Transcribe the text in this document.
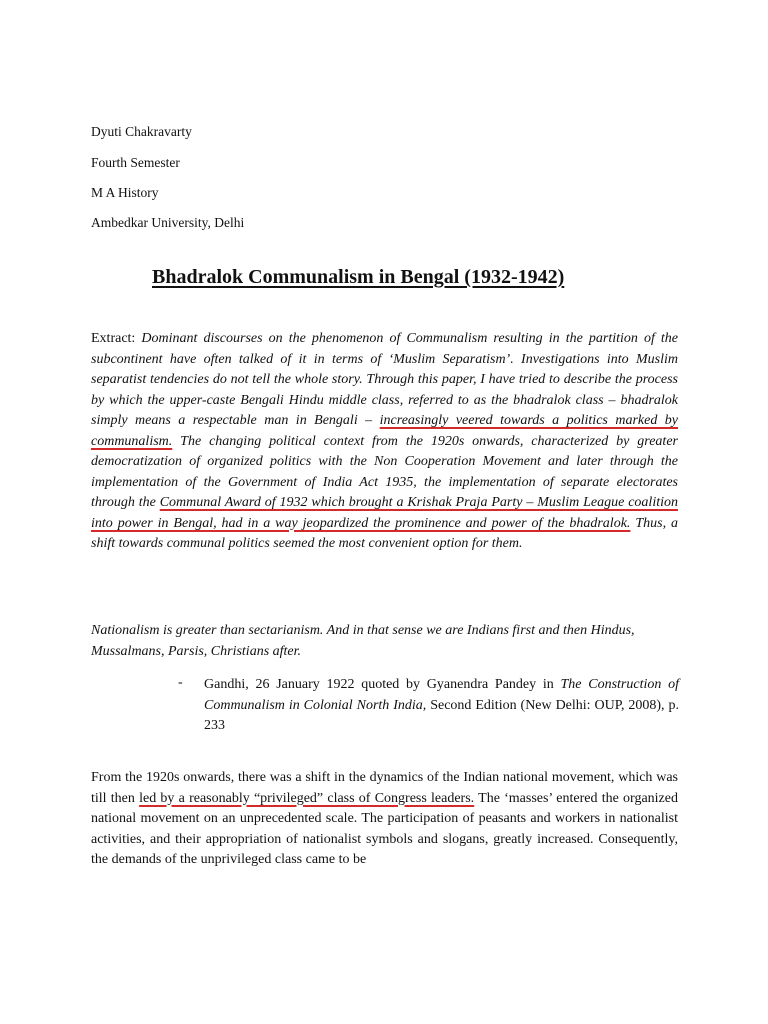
Dyuti Chakravarty
Fourth Semester
M A History
Ambedkar University, Delhi
Bhadralok Communalism in Bengal (1932-1942)
Extract: Dominant discourses on the phenomenon of Communalism resulting in the partition of the subcontinent have often talked of it in terms of ‘Muslim Separatism’. Investigations into Muslim separatist tendencies do not tell the whole story. Through this paper, I have tried to describe the process by which the upper-caste Bengali Hindu middle class, referred to as the bhadralok class – bhadralok simply means a respectable man in Bengali – increasingly veered towards a politics marked by communalism. The changing political context from the 1920s onwards, characterized by greater democratization of organized politics with the Non Cooperation Movement and later through the implementation of the Government of India Act 1935, the implementation of separate electorates through the Communal Award of 1932 which brought a Krishak Praja Party – Muslim League coalition into power in Bengal, had in a way jeopardized the prominence and power of the bhadralok. Thus, a shift towards communal politics seemed the most convenient option for them.
Nationalism is greater than sectarianism. And in that sense we are Indians first and then Hindus, Mussalmans, Parsis, Christians after.
- Gandhi, 26 January 1922 quoted by Gyanendra Pandey in The Construction of Communalism in Colonial North India, Second Edition (New Delhi: OUP, 2008), p. 233
From the 1920s onwards, there was a shift in the dynamics of the Indian national movement, which was till then led by a reasonably “privileged” class of Congress leaders. The ‘masses’ entered the organized national movement on an unprecedented scale. The participation of peasants and workers in nationalist activities, and their appropriation of nationalist symbols and slogans, greatly increased. Consequently, the demands of the unprivileged class came to be
